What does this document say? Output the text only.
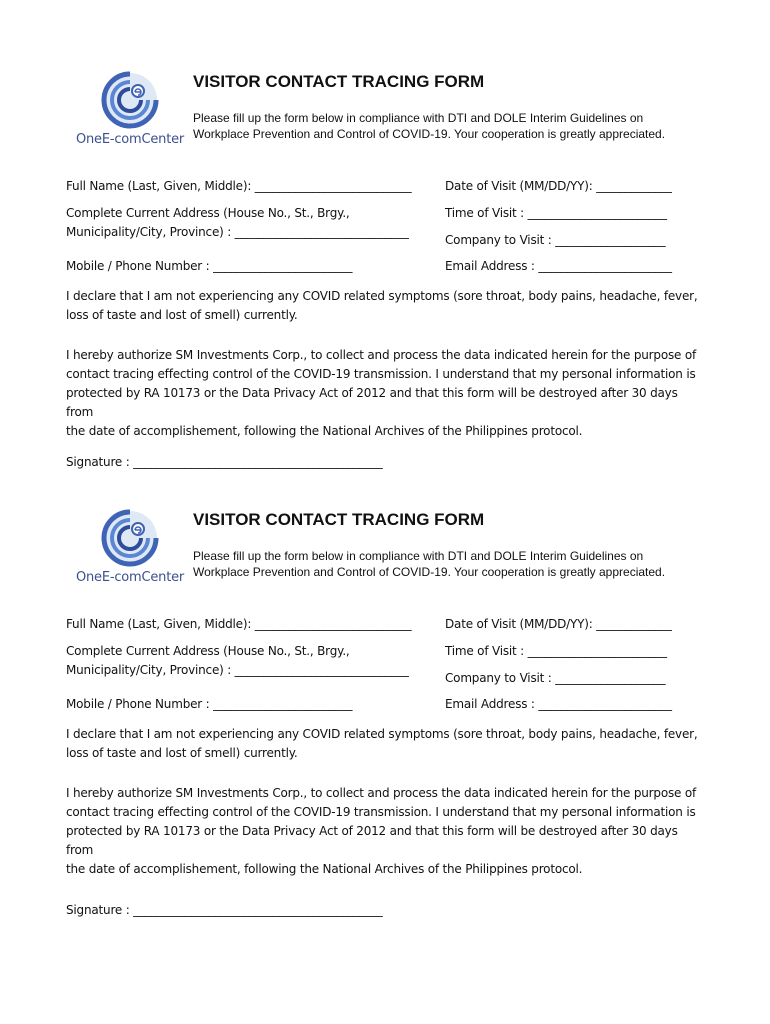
OneE-comCenter
VISITOR CONTACT TRACING FORM
Please fill up the form below in compliance with DTI and DOLE Interim Guidelines on
Workplace Prevention and Control of COVID-19. Your cooperation is greatly appreciated.
Full Name (Last, Given, Middle): ___________________________
Complete Current Address (House No., St., Brgy.,
Municipality/City, Province) : ______________________________
Mobile / Phone Number : ________________________
Date of Visit (MM/DD/YY): _____________
Time of Visit : ________________________
Company to Visit : ___________________
Email Address : _______________________
I declare that I am not experiencing any COVID related symptoms (sore throat, body pains, headache, fever,
loss of taste and lost of smell) currently.
I hereby authorize SM Investments Corp., to collect and process the data indicated herein for the purpose of
contact tracing effecting control of the COVID-19 transmission. I understand that my personal information is
protected by RA 10173 or the Data Privacy Act of 2012 and that this form will be destroyed after 30 days from
the date of accomplishement, following the National Archives of the Philippines protocol.
Signature : ___________________________________________
OneE-comCenter
VISITOR CONTACT TRACING FORM
Please fill up the form below in compliance with DTI and DOLE Interim Guidelines on
Workplace Prevention and Control of COVID-19. Your cooperation is greatly appreciated.
Full Name (Last, Given, Middle): ___________________________
Complete Current Address (House No., St., Brgy.,
Municipality/City, Province) : ______________________________
Mobile / Phone Number : ________________________
Date of Visit (MM/DD/YY): _____________
Time of Visit : ________________________
Company to Visit : ___________________
Email Address : _______________________
I declare that I am not experiencing any COVID related symptoms (sore throat, body pains, headache, fever,
loss of taste and lost of smell) currently.
I hereby authorize SM Investments Corp., to collect and process the data indicated herein for the purpose of
contact tracing effecting control of the COVID-19 transmission. I understand that my personal information is
protected by RA 10173 or the Data Privacy Act of 2012 and that this form will be destroyed after 30 days from
the date of accomplishement, following the National Archives of the Philippines protocol.
Signature : ___________________________________________
